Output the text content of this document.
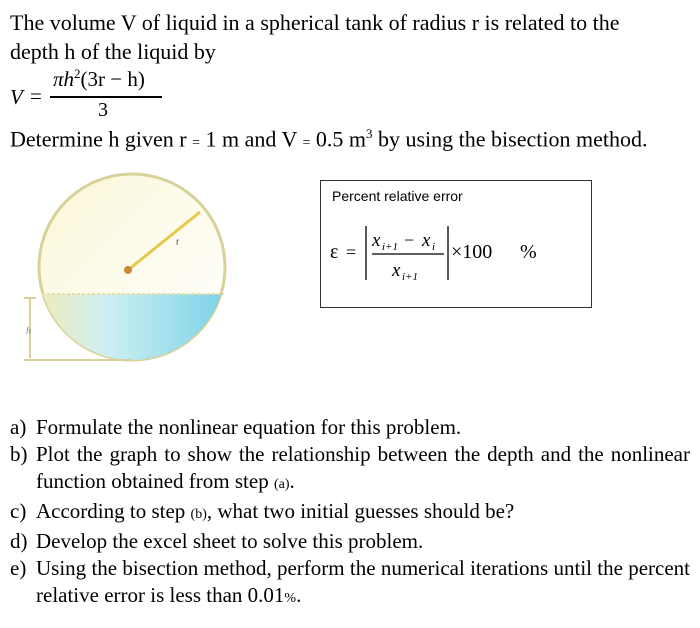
The volume V of liquid in a spherical tank of radius r is related to the depth h of the liquid by
V =
$\pi h^2(3r - h)$
3
Determine h given r = 1 m and V = 0.5 $m^3$ by using the bisection method.
r
h
Percent relative error
ε =
x i+1 − x i
x i+1
×100 %
a) Formulate the nonlinear equation for this problem.
b) Plot the graph to show the relationship between the depth and the nonlinear function obtained from step (a).
c) According to step (b), what two initial guesses should be?
d) Develop the excel sheet to solve this problem.
e) Using the bisection method, perform the numerical iterations until the percent relative error is less than 0.01%.
